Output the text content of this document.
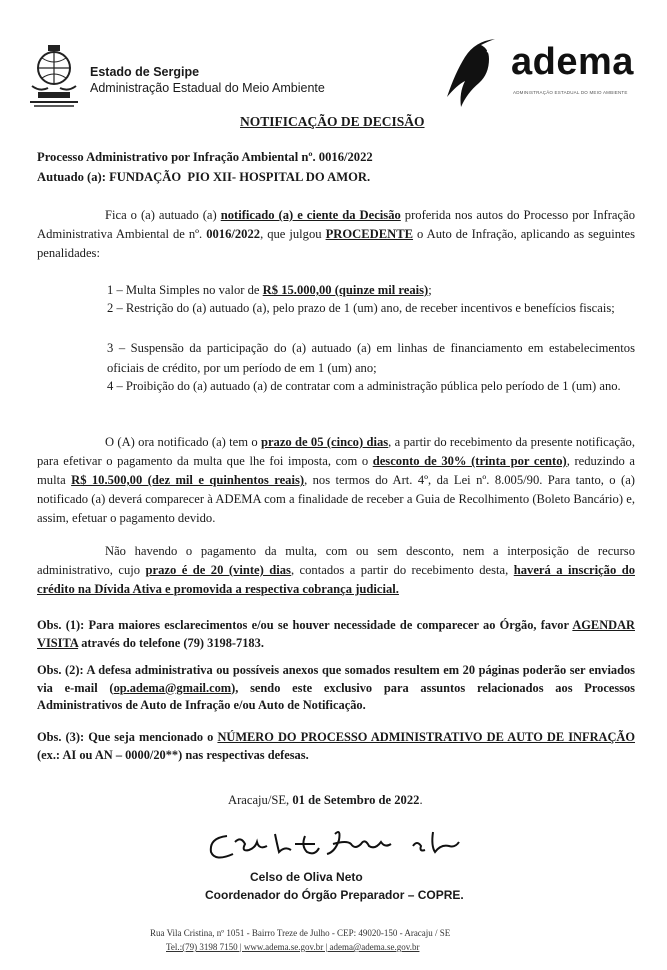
Estado de Sergipe
Administração Estadual do Meio Ambiente
adema
ADMINISTRAÇÃO ESTADUAL DO MEIO AMBIENTE
NOTIFICAÇÃO DE DECISÃO
Processo Administrativo por Infração Ambiental nº. 0016/2022
Autuado (a): FUNDAÇÃO  PIO XII- HOSPITAL DO AMOR.

Fica o (a) autuado (a) notificado (a) e ciente da Decisão proferida nos autos do Processo por Infração Administrativa Ambiental de nº. 0016/2022, que julgou PROCEDENTE o Auto de Infração, aplicando as seguintes penalidades:

1 – Multa Simples no valor de R$ 15.000,00 (quinze mil reais);

2 – Restrição do (a) autuado (a), pelo prazo de 1 (um) ano, de receber incentivos e benefícios fiscais;

3 – Suspensão da participação do (a) autuado (a) em linhas de financiamento em estabelecimentos oficiais de crédito, por um período de em 1 (um) ano;

4 – Proibição do (a) autuado (a) de contratar com a administração pública pelo período de 1 (um) ano.

O (A) ora notificado (a) tem o prazo de 05 (cinco) dias, a partir do recebimento da presente notificação, para efetivar o pagamento da multa que lhe foi imposta, com o desconto de 30% (trinta por cento), reduzindo a multa R$ 10.500,00 (dez mil e quinhentos reais), nos termos do Art. 4º, da Lei nº. 8.005/90. Para tanto, o (a) notificado (a) deverá comparecer à ADEMA com a finalidade de receber a Guia de Recolhimento (Boleto Bancário) e, assim, efetuar o pagamento devido.

Não havendo o pagamento da multa, com ou sem desconto, nem a interposição de recurso administrativo, cujo prazo é de 20 (vinte) dias, contados a partir do recebimento desta, haverá a inscrição do crédito na Dívida Ativa e promovida a respectiva cobrança judicial.

Obs. (1): Para maiores esclarecimentos e/ou se houver necessidade de comparecer ao Órgão, favor AGENDAR VISITA através do telefone (79) 3198-7183.

Obs. (2): A defesa administrativa ou possíveis anexos que somados resultem em 20 páginas poderão ser enviados via e-mail (op.adema@gmail.com), sendo este exclusivo para assuntos relacionados aos Processos Administrativos de Auto de Infração e/ou Auto de Notificação.

Obs. (3): Que seja mencionado o NÚMERO DO PROCESSO ADMINISTRATIVO DE AUTO DE INFRAÇÃO (ex.: AI ou AN – 0000/20**) nas respectivas defesas.

Aracaju/SE, 01 de Setembro de 2022.
Celso de Oliva Neto
Coordenador do Órgão Preparador – COPRE.
Rua Vila Cristina, nº 1051 - Bairro Treze de Julho - CEP: 49020-150 - Aracaju / SE
Tel.:(79) 3198 7150 | www.adema.se.gov.br | adema@adema.se.gov.br
